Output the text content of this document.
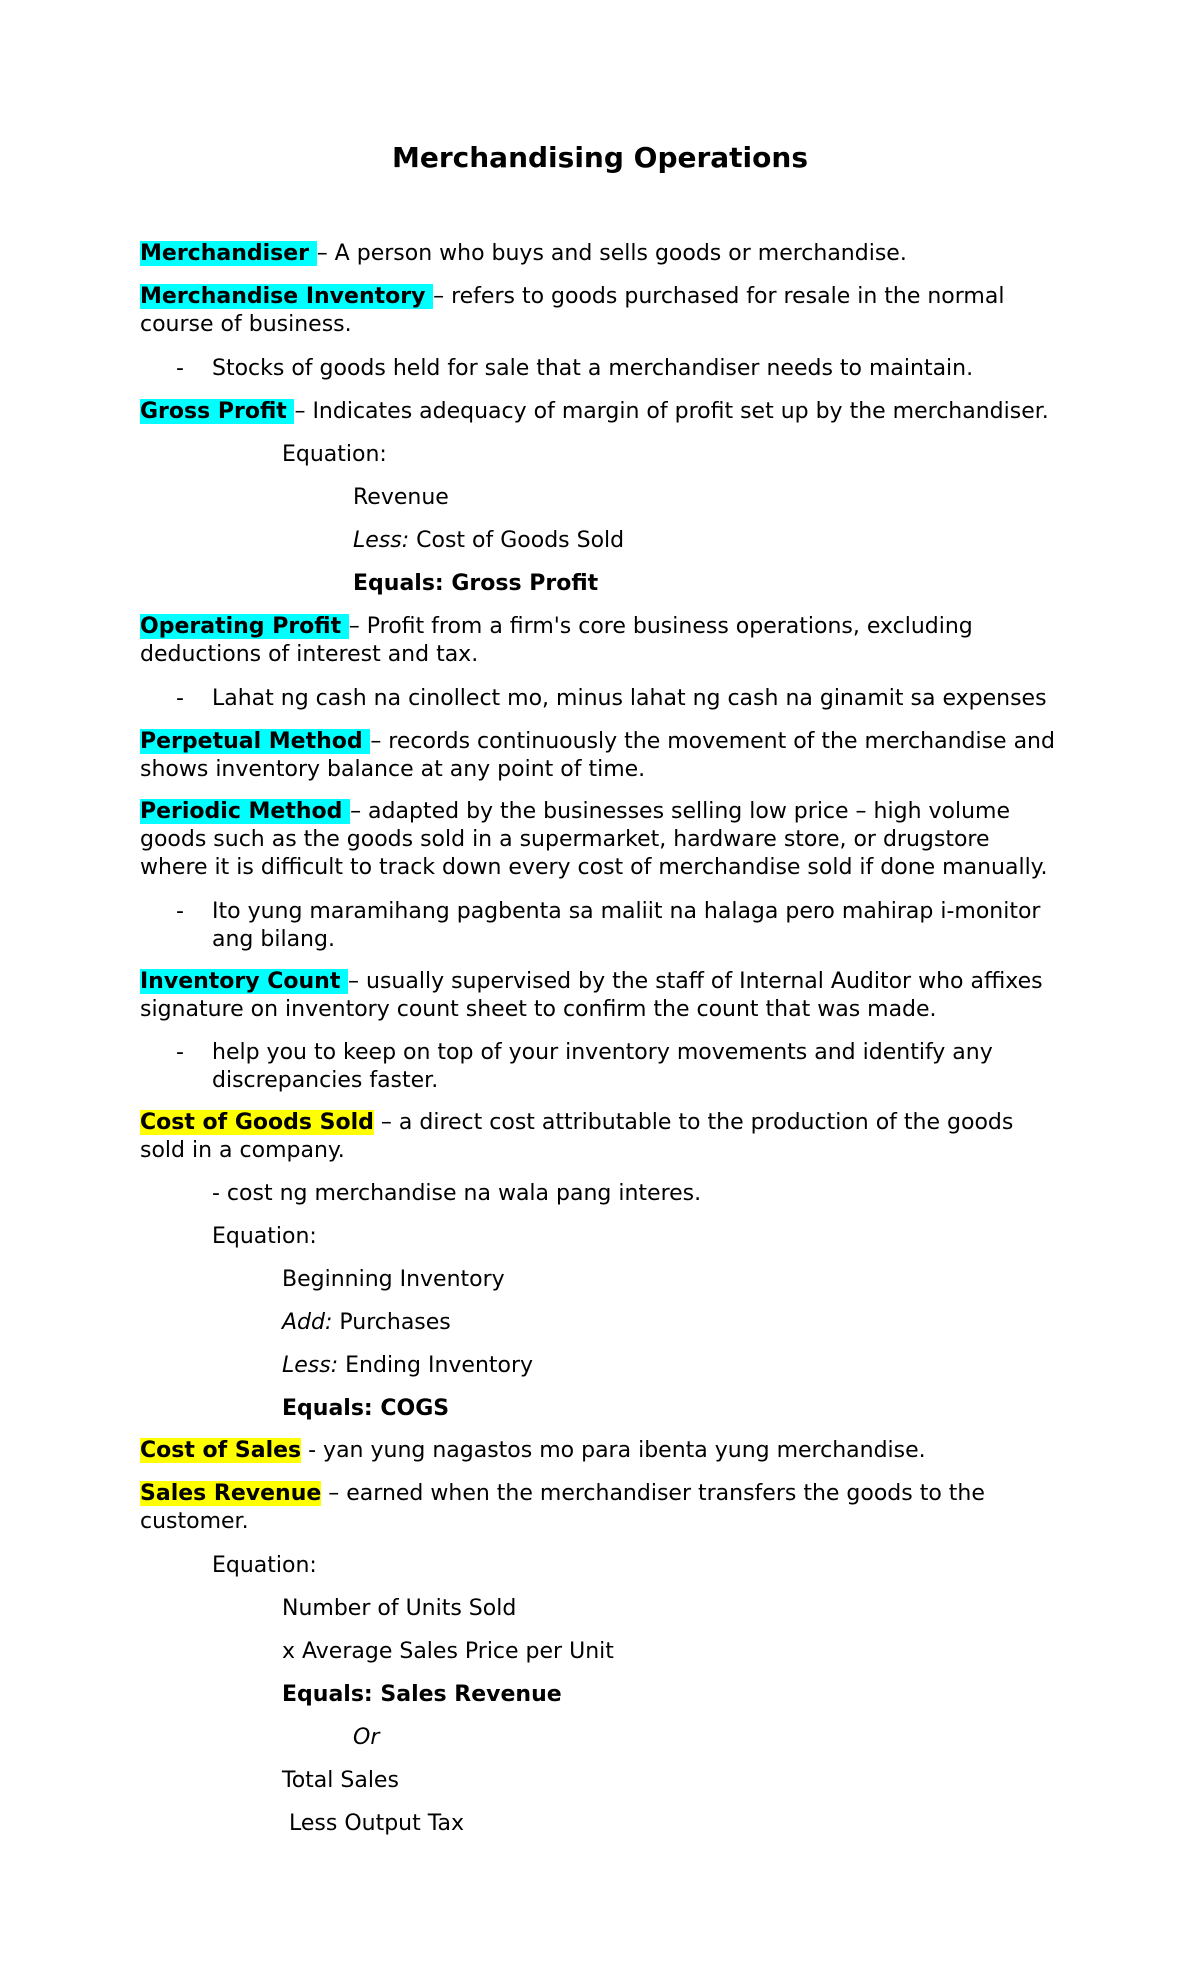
Merchandising Operations
Merchandiser – A person who buys and sells goods or merchandise.
Merchandise Inventory – refers to goods purchased for resale in the normal course of business.
- Stocks of goods held for sale that a merchandiser needs to maintain.
Gross Profit – Indicates adequacy of margin of profit set up by the merchandiser.
Equation:
Revenue
Less: Cost of Goods Sold
Equals: Gross Profit
Operating Profit – Profit from a firm's core business operations, excluding deductions of interest and tax.
- Lahat ng cash na cinollect mo, minus lahat ng cash na ginamit sa expenses
Perpetual Method – records continuously the movement of the merchandise and shows inventory balance at any point of time.
Periodic Method – adapted by the businesses selling low price – high volume goods such as the goods sold in a supermarket, hardware store, or drugstore where it is difficult to track down every cost of merchandise sold if done manually.
- Ito yung maramihang pagbenta sa maliit na halaga pero mahirap i-monitor ang bilang.
Inventory Count – usually supervised by the staff of Internal Auditor who affixes signature on inventory count sheet to confirm the count that was made.
- help you to keep on top of your inventory movements and identify any discrepancies faster.
Cost of Goods Sold – a direct cost attributable to the production of the goods sold in a company.
- cost ng merchandise na wala pang interes.
Equation:
Beginning Inventory
Add: Purchases
Less: Ending Inventory
Equals: COGS
Cost of Sales - yan yung nagastos mo para ibenta yung merchandise.
Sales Revenue – earned when the merchandiser transfers the goods to the customer.
Equation:
Number of Units Sold
x Average Sales Price per Unit
Equals: Sales Revenue
Or
Total Sales
Less Output Tax
